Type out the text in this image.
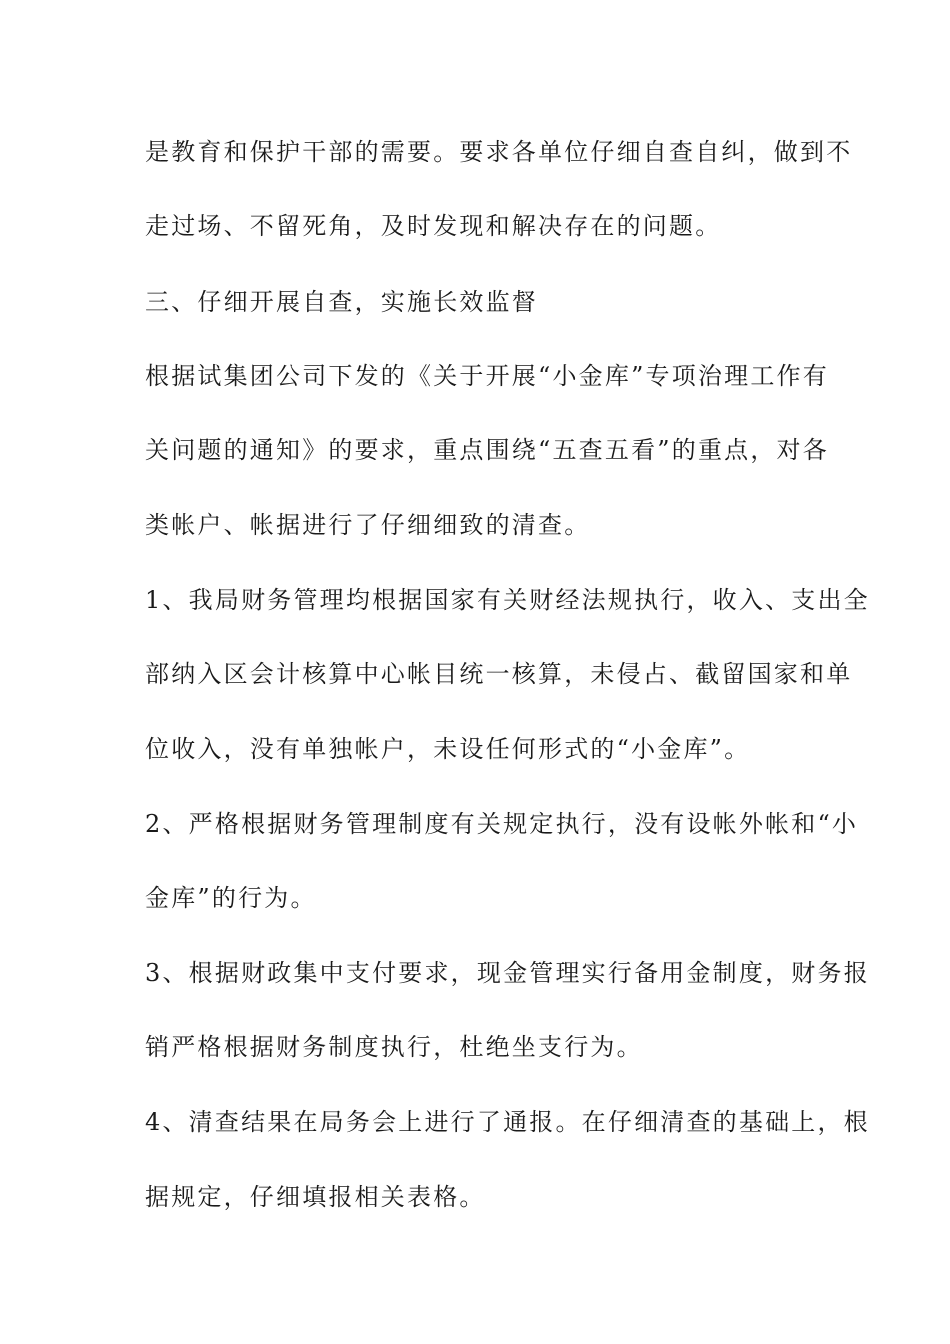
是教育和保护干部的需要。要求各单位仔细自查自纠，做到不
走过场、不留死角，及时发现和解决存在的问题。
三、仔细开展自查，实施长效监督
根据试集团公司下发的《关于开展“小金库”专项治理工作有
关问题的通知》的要求，重点围绕“五查五看”的重点，对各
类帐户、帐据进行了仔细细致的清查。
1、我局财务管理均根据国家有关财经法规执行，收入、支出全
部纳入区会计核算中心帐目统一核算，未侵占、截留国家和单
位收入，没有单独帐户，未设任何形式的“小金库”。
2、严格根据财务管理制度有关规定执行，没有设帐外帐和“小
金库”的行为。
3、根据财政集中支付要求，现金管理实行备用金制度，财务报
销严格根据财务制度执行，杜绝坐支行为。
4、清查结果在局务会上进行了通报。在仔细清查的基础上，根
据规定，仔细填报相关表格。
